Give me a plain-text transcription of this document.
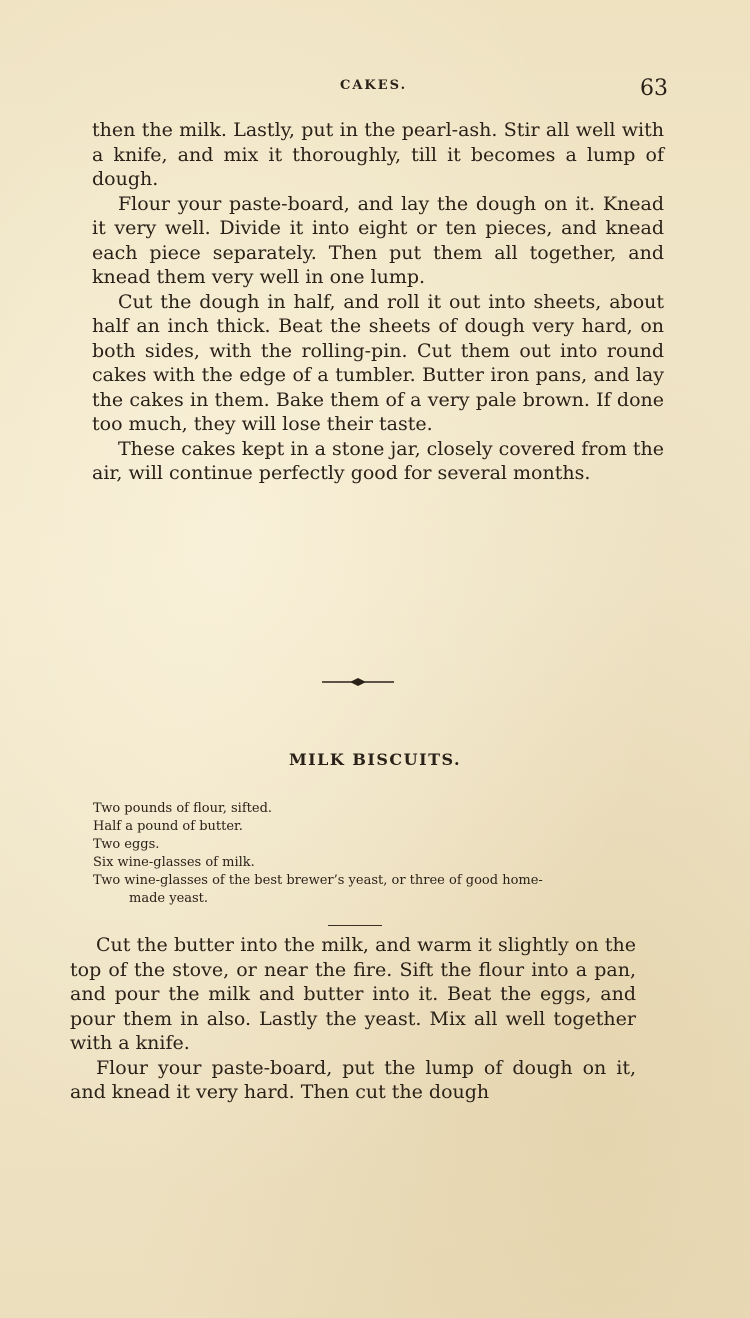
CAKES.	63

then the milk. Lastly, put in the pearl-ash. Stir all well with a knife, and mix it thoroughly, till it becomes a lump of dough.

Flour your paste-board, and lay the dough on it. Knead it very well. Divide it into eight or ten pieces, and knead each piece separately. Then put them all together, and knead them very well in one lump.

Cut the dough in half, and roll it out into sheets, about half an inch thick. Beat the sheets of dough very hard, on both sides, with the rolling-pin. Cut them out into round cakes with the edge of a tumbler. Butter iron pans, and lay the cakes in them. Bake them of a very pale brown. If done too much, they will lose their taste.

These cakes kept in a stone jar, closely covered from the air, will continue perfectly good for several months.

MILK BISCUITS.
Two pounds of flour, sifted.
Half a pound of butter.
Two eggs.
Six wine-glasses of milk.
Two wine-glasses of the best brewer’s yeast, or three of good home-
made yeast.

Cut the butter into the milk, and warm it slightly on the top of the stove, or near the fire. Sift the flour into a pan, and pour the milk and butter into it. Beat the eggs, and pour them in also. Lastly the yeast. Mix all well together with a knife.

Flour your paste-board, put the lump of dough on it, and knead it very hard. Then cut the dough
